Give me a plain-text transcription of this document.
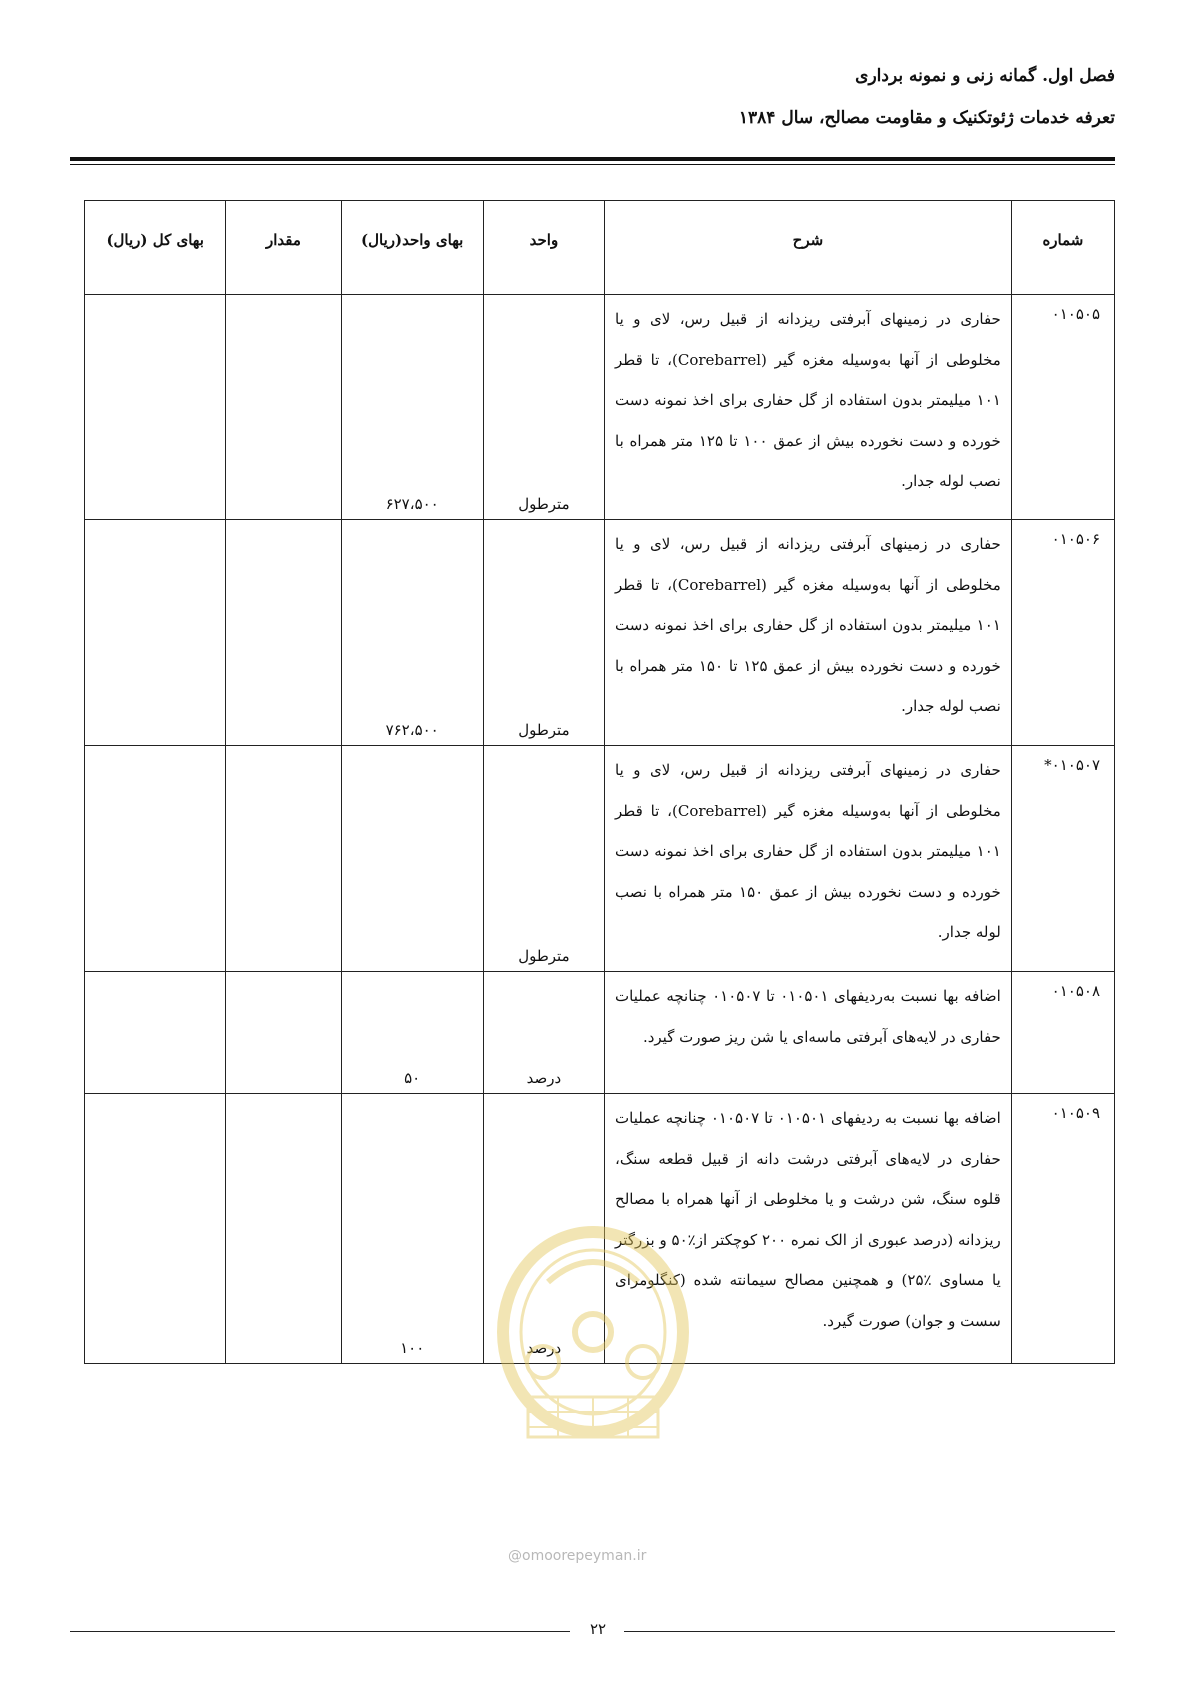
فصل اول. گمانه زنی و نمونه برداری
تعرفه خدمات ژئوتکنیک و مقاومت مصالح، سال ۱۳۸۴
شماره	شرح	واحد	بهای واحد(ریال)	مقدار	بهای کل (ریال)
۰۱۰۵۰۵	حفاری در زمینهای آبرفتی ریزدانه از قبیل رس، لای و یا مخلوطی از آنها به‌وسیله مغزه گیر (Corebarrel)، تا قطر ۱۰۱ میلیمتر بدون استفاده از گل حفاری برای اخذ نمونه دست خورده و دست نخورده بیش از عمق ۱۰۰ تا ۱۲۵ متر همراه با نصب لوله جدار.	مترطول	۶۲۷،۵۰۰		
۰۱۰۵۰۶	حفاری در زمینهای آبرفتی ریزدانه از قبیل رس، لای و یا مخلوطی از آنها به‌وسیله مغزه گیر (Corebarrel)، تا قطر ۱۰۱ میلیمتر بدون استفاده از گل حفاری برای اخذ نمونه دست خورده و دست نخورده بیش از عمق ۱۲۵ تا ۱۵۰ متر همراه با نصب لوله جدار.	مترطول	۷۶۲،۵۰۰		
*۰۱۰۵۰۷	حفاری در زمینهای آبرفتی ریزدانه از قبیل رس، لای و یا مخلوطی از آنها به‌وسیله مغزه گیر (Corebarrel)، تا قطر ۱۰۱ میلیمتر بدون استفاده از گل حفاری برای اخذ نمونه دست خورده و دست نخورده بیش از عمق ۱۵۰ متر همراه با نصب لوله جدار.	مترطول			
۰۱۰۵۰۸	اضافه بها نسبت به‌ردیفهای ۰۱۰۵۰۱ تا ۰۱۰۵۰۷ چنانچه عملیات حفاری در لایه‌های آبرفتی ماسه‌ای یا شن ریز صورت گیرد.	درصد	۵۰		
۰۱۰۵۰۹	اضافه بها نسبت به ردیفهای ۰۱۰۵۰۱ تا ۰۱۰۵۰۷ چنانچه عملیات حفاری در لایه‌های آبرفتی درشت دانه از قبیل قطعه سنگ، قلوه سنگ، شن درشت و یا مخلوطی از آنها همراه با مصالح ریزدانه (درصد عبوری از الک نمره ۲۰۰ کوچکتر از٪۵۰ و بزرگتر یا مساوی ٪۲۵) و همچنین مصالح سیمانته شده (کنگلومرای سست و جوان) صورت گیرد.	درصد	۱۰۰		
@omoorepeyman.ir
۲۲
